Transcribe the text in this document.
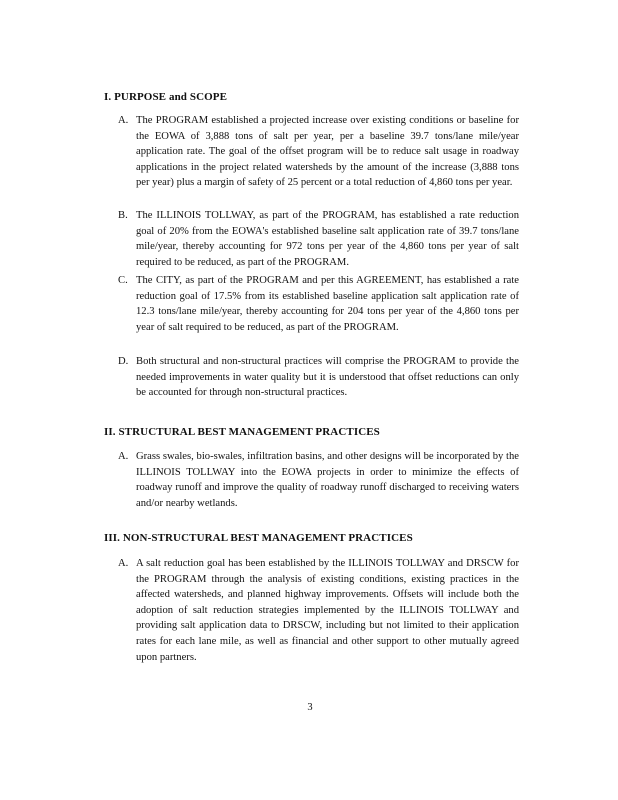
I. PURPOSE and SCOPE
A. The PROGRAM established a projected increase over existing conditions or baseline for the EOWA of 3,888 tons of salt per year, per a baseline 39.7 tons/lane mile/year application rate. The goal of the offset program will be to reduce salt usage in roadway applications in the project related watersheds by the amount of the increase (3,888 tons per year) plus a margin of safety of 25 percent or a total reduction of 4,860 tons per year.
B. The ILLINOIS TOLLWAY, as part of the PROGRAM, has established a rate reduction goal of 20% from the EOWA's established baseline salt application rate of 39.7 tons/lane mile/year, thereby accounting for 972 tons per year of the 4,860 tons per year of salt required to be reduced, as part of the PROGRAM.
C. The CITY, as part of the PROGRAM and per this AGREEMENT, has established a rate reduction goal of 17.5% from its established baseline application salt application rate of 12.3 tons/lane mile/year, thereby accounting for 204 tons per year of the 4,860 tons per year of salt required to be reduced, as part of the PROGRAM.
D. Both structural and non-structural practices will comprise the PROGRAM to provide the needed improvements in water quality but it is understood that offset reductions can only be accounted for through non-structural practices.
II. STRUCTURAL BEST MANAGEMENT PRACTICES
A. Grass swales, bio-swales, infiltration basins, and other designs will be incorporated by the ILLINOIS TOLLWAY into the EOWA projects in order to minimize the effects of roadway runoff and improve the quality of roadway runoff discharged to receiving waters and/or nearby wetlands.
III. NON-STRUCTURAL BEST MANAGEMENT PRACTICES
A. A salt reduction goal has been established by the ILLINOIS TOLLWAY and DRSCW for the PROGRAM through the analysis of existing conditions, existing practices in the affected watersheds, and planned highway improvements. Offsets will include both the adoption of salt reduction strategies implemented by the ILLINOIS TOLLWAY and providing salt application data to DRSCW, including but not limited to their application rates for each lane mile, as well as financial and other support to other mutually agreed upon partners.
3
